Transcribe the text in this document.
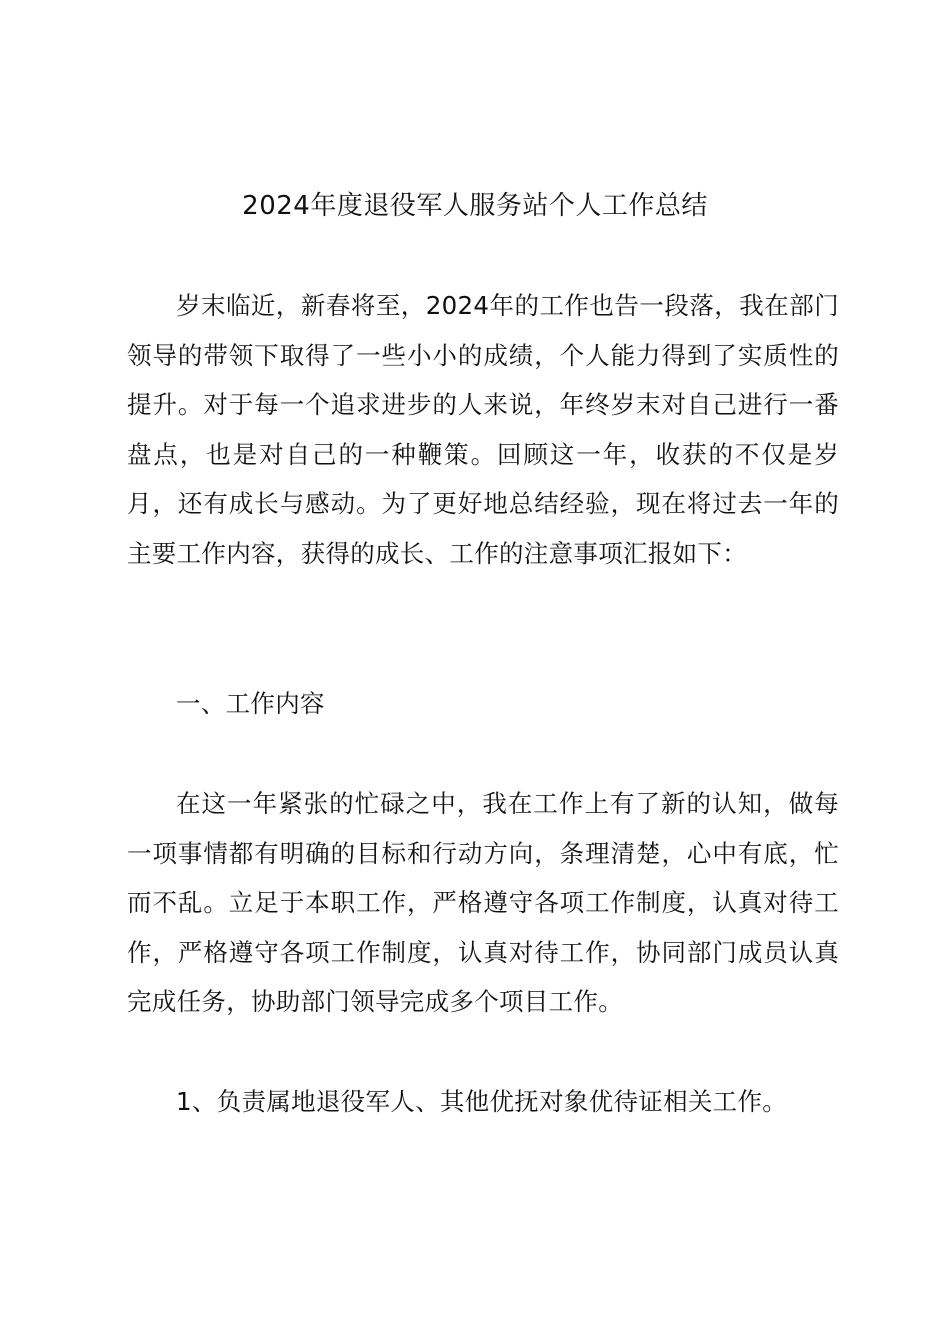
2024年度退役军人服务站个人工作总结

岁末临近，新春将至，2024年的工作也告一段落，我在部门领导的带领下取得了一些小小的成绩，个人能力得到了实质性的提升。对于每一个追求进步的人来说，年终岁末对自己进行一番盘点，也是对自己的一种鞭策。回顾这一年，收获的不仅是岁月，还有成长与感动。为了更好地总结经验，现在将过去一年的主要工作内容，获得的成长、工作的注意事项汇报如下：

一、工作内容

在这一年紧张的忙碌之中，我在工作上有了新的认知，做每一项事情都有明确的目标和行动方向，条理清楚，心中有底，忙而不乱。立足于本职工作，严格遵守各项工作制度，认真对待工作，严格遵守各项工作制度，认真对待工作，协同部门成员认真完成任务，协助部门领导完成多个项目工作。

1、负责属地退役军人、其他优抚对象优待证相关工作。
